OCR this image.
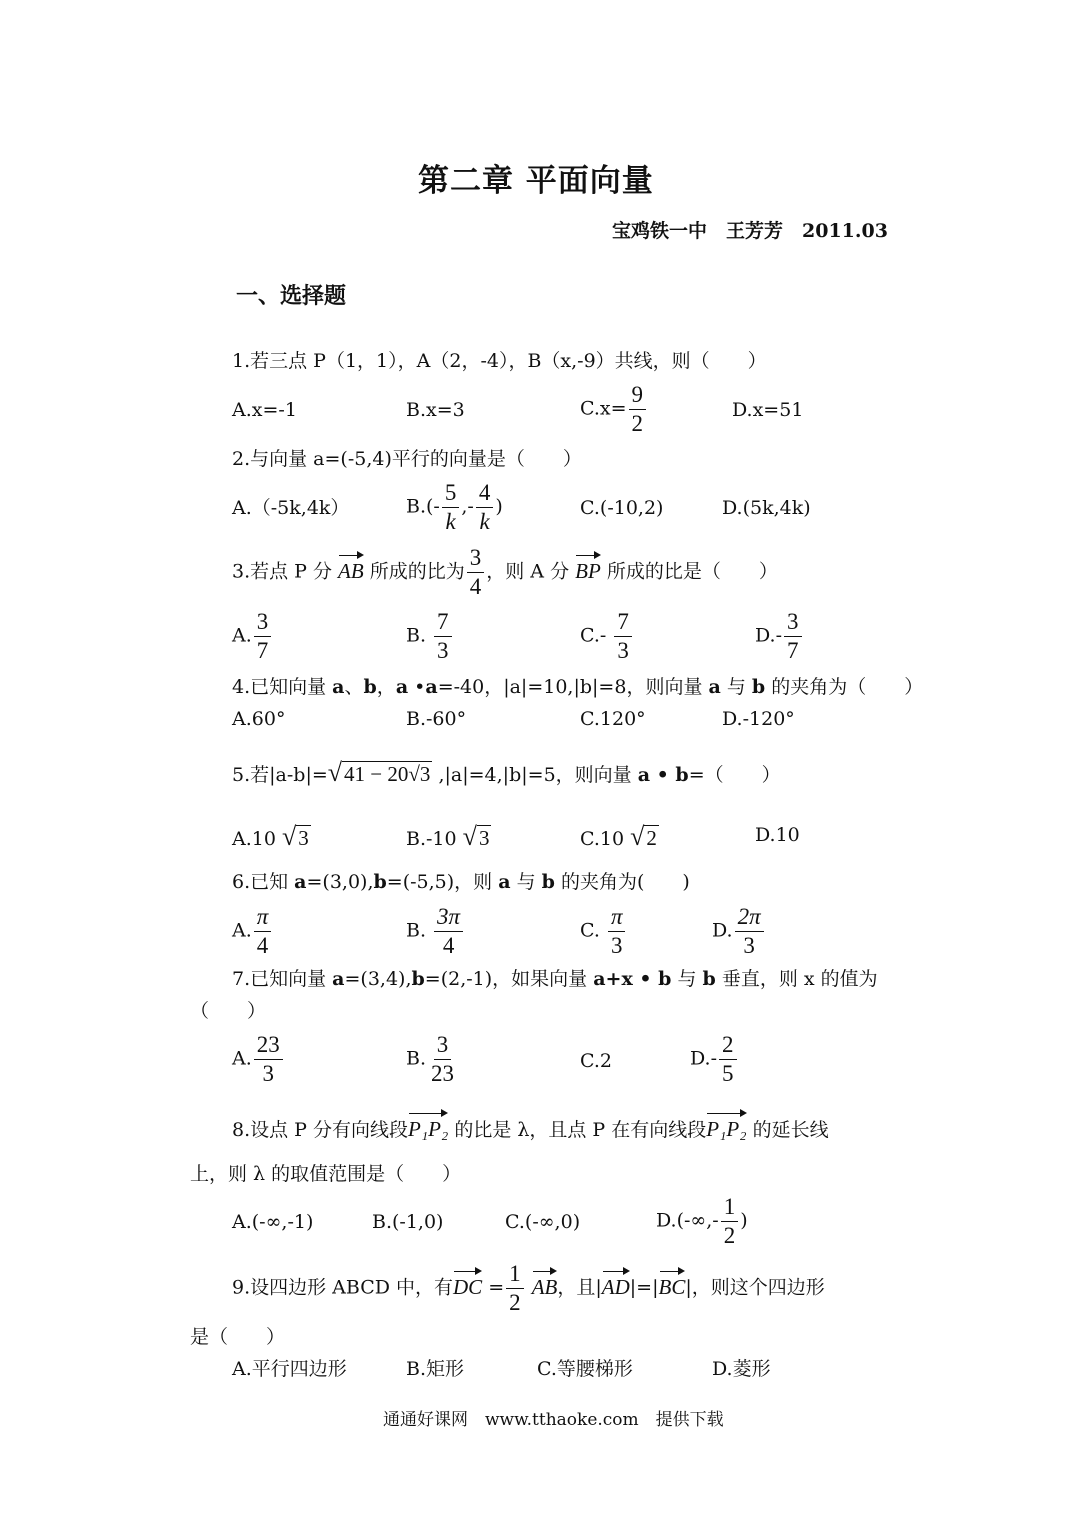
第二章 平面向量
宝鸡铁一中　王芳芳　2011.03
一、选择题
1.若三点 P（1，1），A（2，-4），B（x,-9）共线，则（　　）
A.x=-1	B.x=3	$C.x= \frac{9}{2}$	D.x=51
2.与向量 a=(-5,4)平行的向量是（　　）
A.（-5k,4k）	$B.(- \frac{5}{k}$ ,- $\frac{4}{k}$ )	C.(-10,2)	D.(5k,4k)
3.若点 P 分 AB 所成的比为 $\frac{3}{4}$ ，则 A 分 BP 所成的比是（　　）
A. $\frac{3}{7}$	B. $\frac{7}{3}$	$C.- \frac{7}{3}$	$D.- \frac{3}{7}$
4.已知向量 a、b，a •a=-40，|a|=10,|b|=8，则向量 a 与 b 的夹角为（　　）
A.60°	B.-60°	C.120°	D.-120°
5.若|a-b|=√41 − 20√3 ,|a|=4,|b|=5，则向量 a • b=（　　）
A.10 √3	B.-10 √3	C.10 √2	D.10
6.已知 a=(3,0),b=(-5,5)，则 a 与 b 的夹角为(　　)
A. $\frac{\pi}{4}$	B. $\frac{3\pi}{4}$	C. $\frac{\pi}{3}$	D. $\frac{2\pi}{3}$
7.已知向量 a=(3,4),b=(2,-1)，如果向量 a+x • b 与 b 垂直，则 x 的值为
（　　）
A. $\frac{23}{3}$	B. $\frac{3}{23}$	C.2	$D.- \frac{2}{5}$
8.设点 P 分有向线段P₁P₂ 的比是 λ，且点 P 在有向线段P₁P₂ 的延长线
上，则 λ 的取值范围是（　　）
A.(-∞,-1)	B.(-1,0)	C.(-∞,0)	$D.(-\infty,- \frac{1}{2}$ )
9.设四边形 ABCD 中，有DC = $\frac{1}{2}$ AB，且|AD|=|BC|，则这个四边形
是（　　）
A.平行四边形	B.矩形	C.等腰梯形	D.菱形
通通好课网　www.tthaoke.com　提供下载
